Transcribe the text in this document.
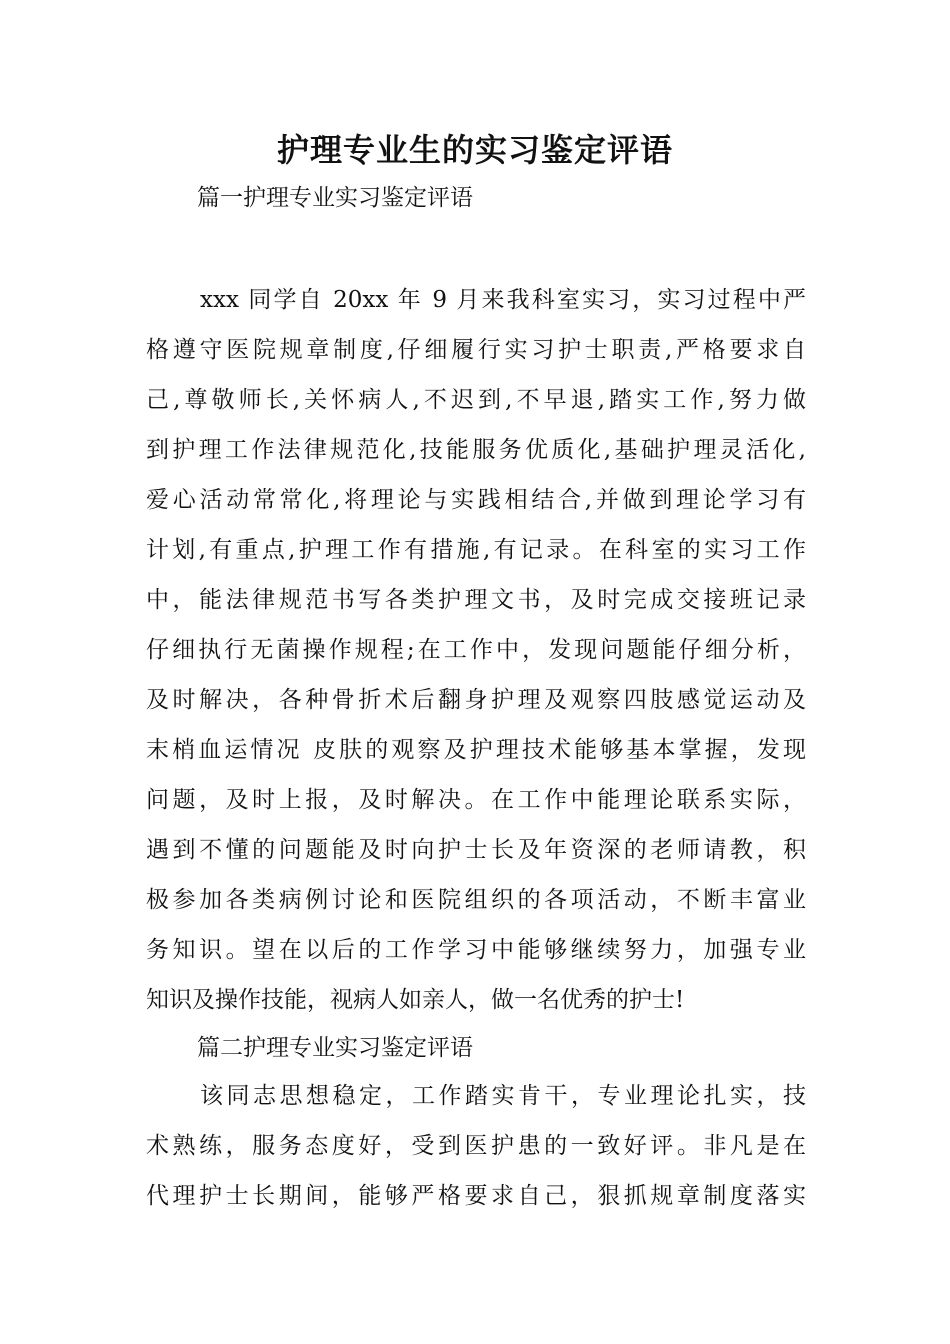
护理专业生的实习鉴定评语
篇一护理专业实习鉴定评语
xxx 同学自 20xx 年 9 月来我科室实习，实习过程中严
格遵守医院规章制度,仔细履行实习护士职责,严格要求自
己,尊敬师长,关怀病人,不迟到,不早退,踏实工作,努力做
到护理工作法律规范化,技能服务优质化,基础护理灵活化,
爱心活动常常化,将理论与实践相结合,并做到理论学习有
计划,有重点,护理工作有措施,有记录。在科室的实习工作
中，能法律规范书写各类护理文书，及时完成交接班记录
仔细执行无菌操作规程;在工作中，发现问题能仔细分析，
及时解决，各种骨折术后翻身护理及观察四肢感觉运动及
末梢血运情况 皮肤的观察及护理技术能够基本掌握，发现
问题，及时上报，及时解决。在工作中能理论联系实际，
遇到不懂的问题能及时向护士长及年资深的老师请教，积
极参加各类病例讨论和医院组织的各项活动，不断丰富业
务知识。望在以后的工作学习中能够继续努力，加强专业
知识及操作技能，视病人如亲人，做一名优秀的护士!
篇二护理专业实习鉴定评语
该同志思想稳定，工作踏实肯干，专业理论扎实，技
术熟练，服务态度好，受到医护患的一致好评。非凡是在
代理护士长期间，能够严格要求自己，狠抓规章制度落实
